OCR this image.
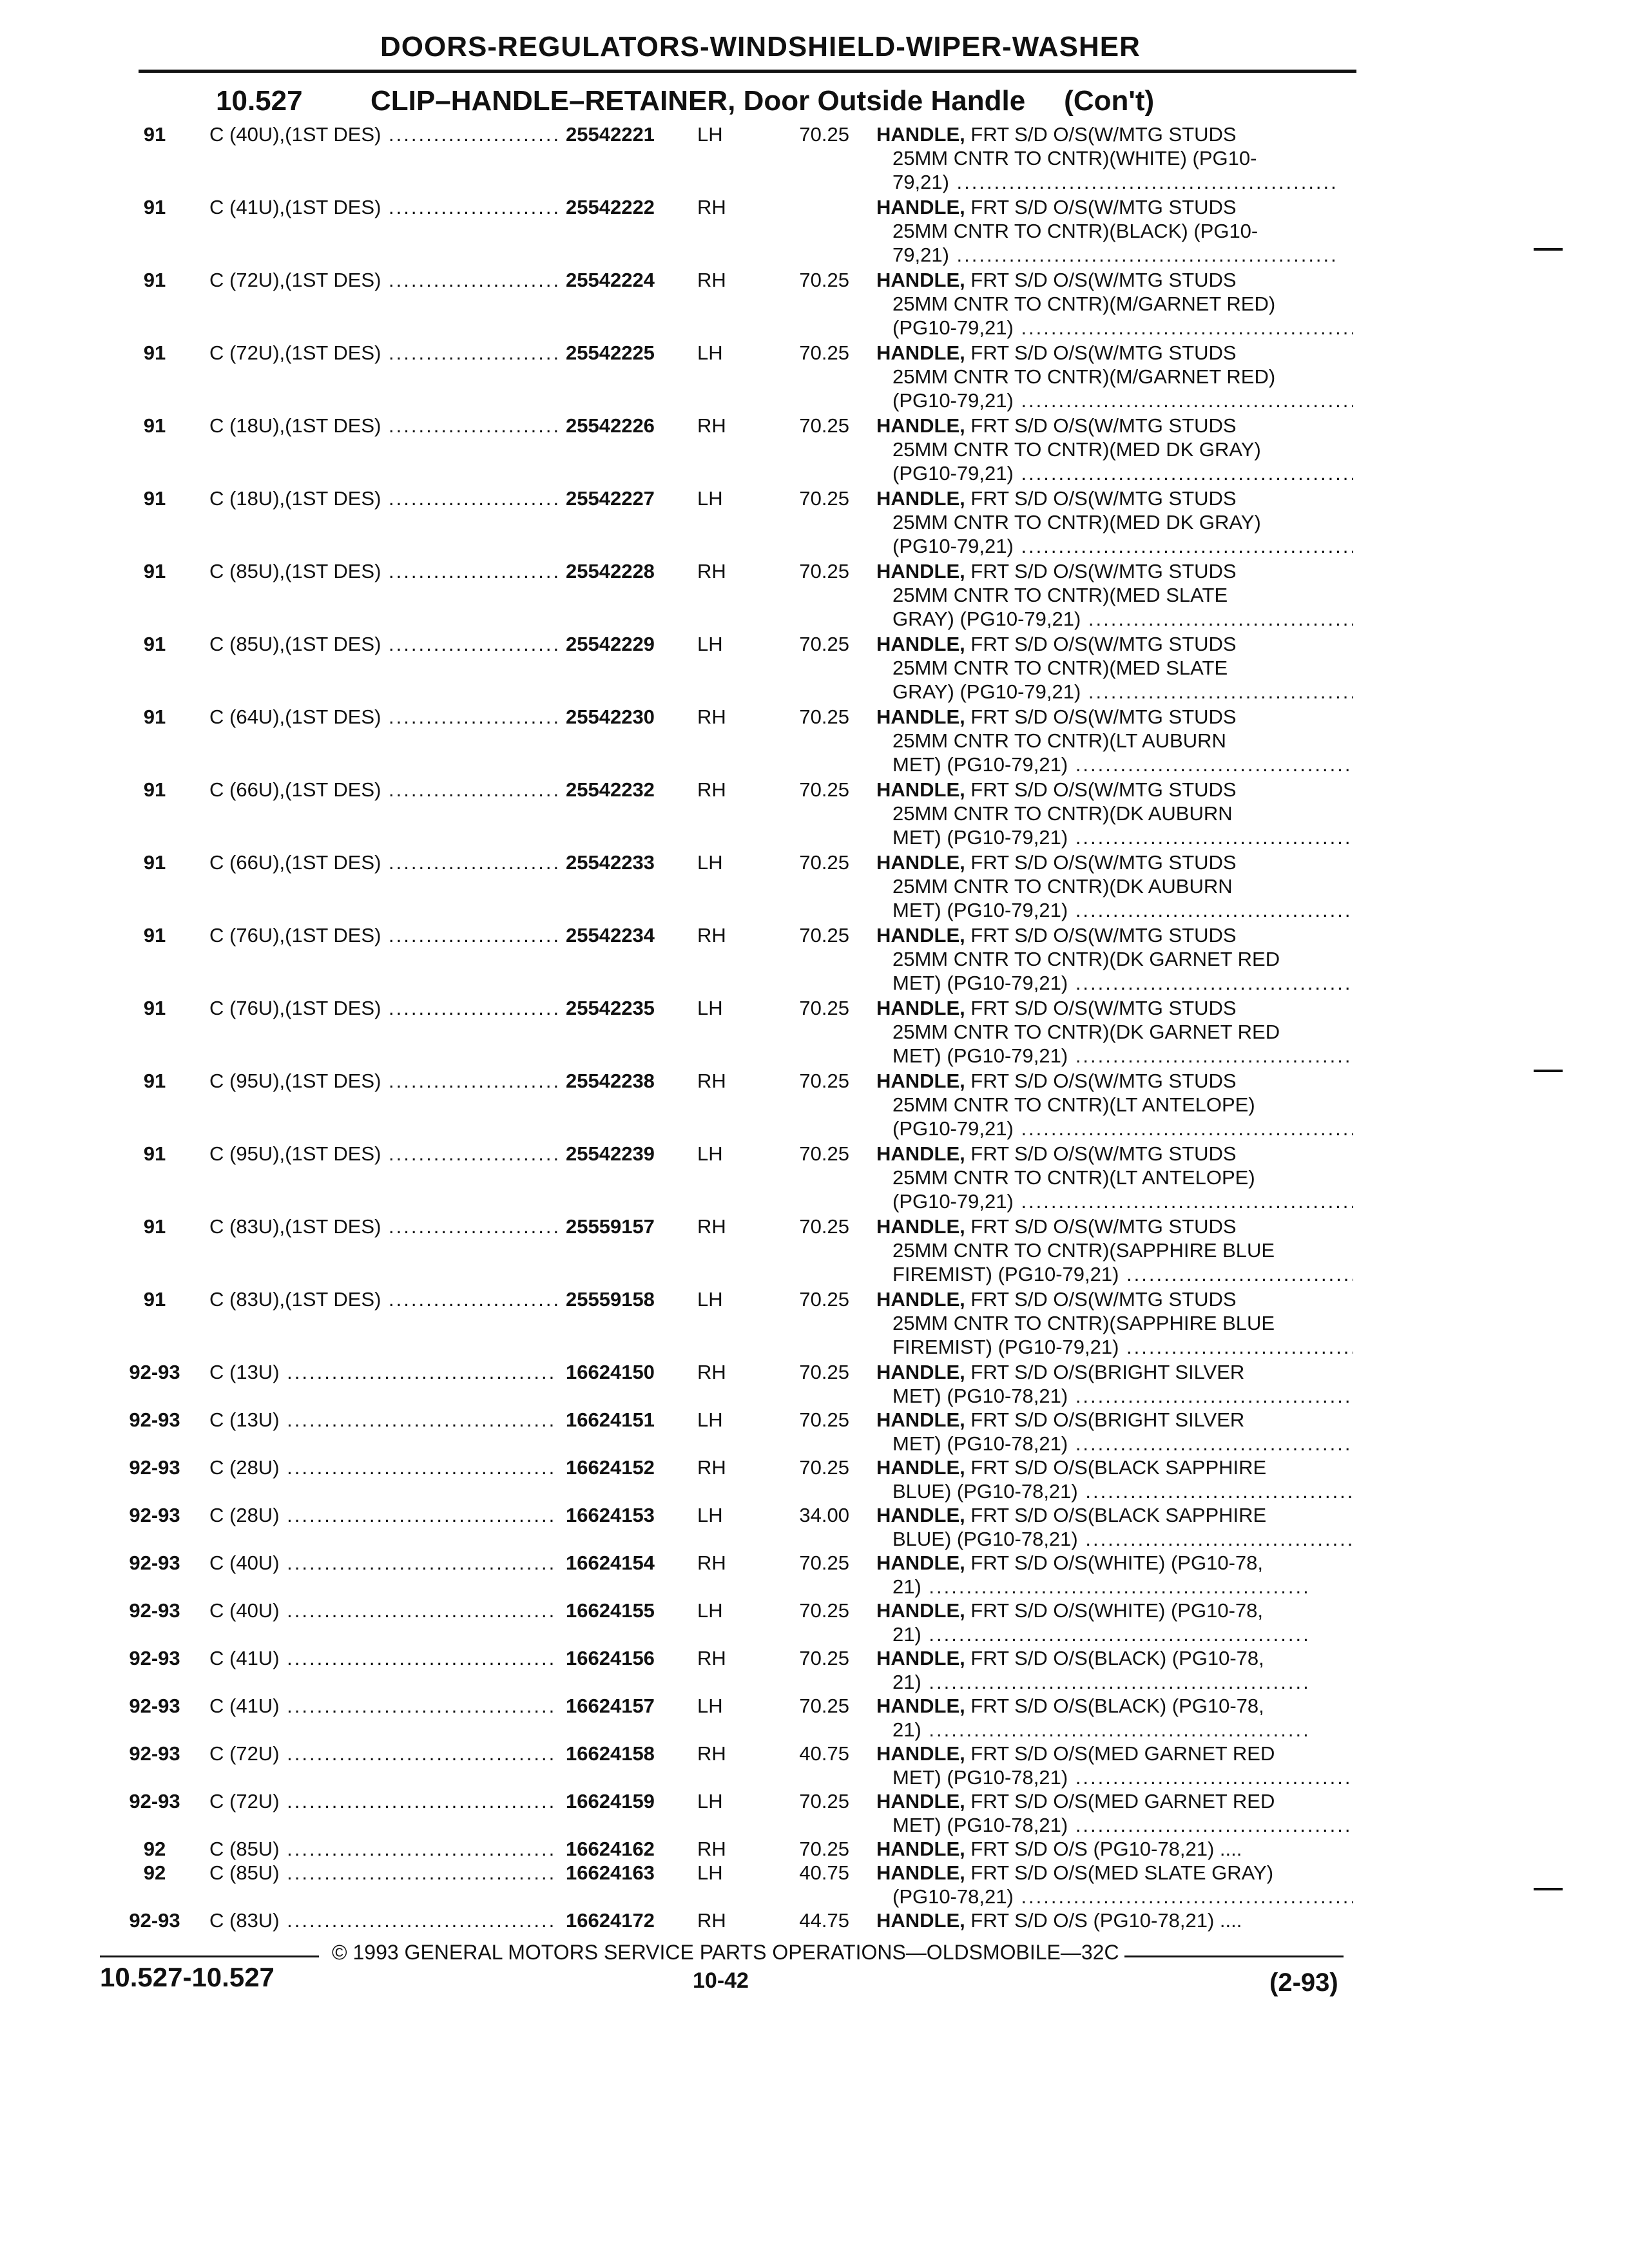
DOORS-REGULATORS-WINDSHIELD-WIPER-WASHER
10.527 CLIP–HANDLE–RETAINER, Door Outside Handle (Con't)
91	C (40U),(1ST DES) .....	25542221	LH	70.25 HANDLE, FRT S/D O/S(W/MTG STUDS
25MM CNTR TO CNTR)(WHITE) (PG10-
79,21) .....
91	C (41U),(1ST DES) .....	25542222	RH	HANDLE, FRT S/D O/S(W/MTG STUDS
25MM CNTR TO CNTR)(BLACK) (PG10-
79,21) .....
91	C (72U),(1ST DES) .....	25542224	RH	70.25 HANDLE, FRT S/D O/S(W/MTG STUDS
25MM CNTR TO CNTR)(M/GARNET RED)
(PG10-79,21) .....
91	C (72U),(1ST DES) .....	25542225	LH	70.25 HANDLE, FRT S/D O/S(W/MTG STUDS
25MM CNTR TO CNTR)(M/GARNET RED)
(PG10-79,21) .....
91	C (18U),(1ST DES) .....	25542226	RH	70.25 HANDLE, FRT S/D O/S(W/MTG STUDS
25MM CNTR TO CNTR)(MED DK GRAY)
(PG10-79,21) .....
91	C (18U),(1ST DES) .....	25542227	LH	70.25 HANDLE, FRT S/D O/S(W/MTG STUDS
25MM CNTR TO CNTR)(MED DK GRAY)
(PG10-79,21) .....
91	C (85U),(1ST DES) .....	25542228	RH	70.25 HANDLE, FRT S/D O/S(W/MTG STUDS
25MM CNTR TO CNTR)(MED SLATE
GRAY) (PG10-79,21) .....
91	C (85U),(1ST DES) .....	25542229	LH	70.25 HANDLE, FRT S/D O/S(W/MTG STUDS
25MM CNTR TO CNTR)(MED SLATE
GRAY) (PG10-79,21) .....
91	C (64U),(1ST DES) .....	25542230	RH	70.25 HANDLE, FRT S/D O/S(W/MTG STUDS
25MM CNTR TO CNTR)(LT AUBURN
MET) (PG10-79,21) .....
91	C (66U),(1ST DES) .....	25542232	RH	70.25 HANDLE, FRT S/D O/S(W/MTG STUDS
25MM CNTR TO CNTR)(DK AUBURN
MET) (PG10-79,21) .....
91	C (66U),(1ST DES) .....	25542233	LH	70.25 HANDLE, FRT S/D O/S(W/MTG STUDS
25MM CNTR TO CNTR)(DK AUBURN
MET) (PG10-79,21) .....
91	C (76U),(1ST DES) .....	25542234	RH	70.25 HANDLE, FRT S/D O/S(W/MTG STUDS
25MM CNTR TO CNTR)(DK GARNET RED
MET) (PG10-79,21) .....
91	C (76U),(1ST DES) .....	25542235	LH	70.25 HANDLE, FRT S/D O/S(W/MTG STUDS
25MM CNTR TO CNTR)(DK GARNET RED
MET) (PG10-79,21) .....
91	C (95U),(1ST DES) .....	25542238	RH	70.25 HANDLE, FRT S/D O/S(W/MTG STUDS
25MM CNTR TO CNTR)(LT ANTELOPE)
(PG10-79,21) .....
91	C (95U),(1ST DES) .....	25542239	LH	70.25 HANDLE, FRT S/D O/S(W/MTG STUDS
25MM CNTR TO CNTR)(LT ANTELOPE)
(PG10-79,21) .....
91	C (83U),(1ST DES) .....	25559157	RH	70.25 HANDLE, FRT S/D O/S(W/MTG STUDS
25MM CNTR TO CNTR)(SAPPHIRE BLUE
FIREMIST) (PG10-79,21) .....
91	C (83U),(1ST DES) .....	25559158	LH	70.25 HANDLE, FRT S/D O/S(W/MTG STUDS
25MM CNTR TO CNTR)(SAPPHIRE BLUE
FIREMIST) (PG10-79,21) .....
92-93	C (13U) .....	16624150	RH	70.25 HANDLE, FRT S/D O/S(BRIGHT SILVER
MET) (PG10-78,21) .....
92-93	C (13U) .....	16624151	LH	70.25 HANDLE, FRT S/D O/S(BRIGHT SILVER
MET) (PG10-78,21) .....
92-93	C (28U) .....	16624152	RH	70.25 HANDLE, FRT S/D O/S(BLACK SAPPHIRE
BLUE) (PG10-78,21) .....
92-93	C (28U) .....	16624153	LH	34.00 HANDLE, FRT S/D O/S(BLACK SAPPHIRE
BLUE) (PG10-78,21) .....
92-93	C (40U) .....	16624154	RH	70.25 HANDLE, FRT S/D O/S(WHITE) (PG10-78,
21) .....
92-93	C (40U) .....	16624155	LH	70.25 HANDLE, FRT S/D O/S(WHITE) (PG10-78,
21) .....
92-93	C (41U) .....	16624156	RH	70.25 HANDLE, FRT S/D O/S(BLACK) (PG10-78,
21) .....
92-93	C (41U) .....	16624157	LH	70.25 HANDLE, FRT S/D O/S(BLACK) (PG10-78,
21) .....
92-93	C (72U) .....	16624158	RH	40.75 HANDLE, FRT S/D O/S(MED GARNET RED
MET) (PG10-78,21) .....
92-93	C (72U) .....	16624159	LH	70.25 HANDLE, FRT S/D O/S(MED GARNET RED
MET) (PG10-78,21) .....
92	C (85U) .....	16624162	RH	70.25 HANDLE, FRT S/D O/S (PG10-78,21) ....
92	C (85U) .....	16624163	LH	40.75 HANDLE, FRT S/D O/S(MED SLATE GRAY)
(PG10-78,21) .....
92-93	C (83U) .....	16624172	RH	44.75 HANDLE, FRT S/D O/S (PG10-78,21) ....
© 1993 GENERAL MOTORS SERVICE PARTS OPERATIONS—OLDSMOBILE—32C
10.527-10.527	10-42	(2-93)
